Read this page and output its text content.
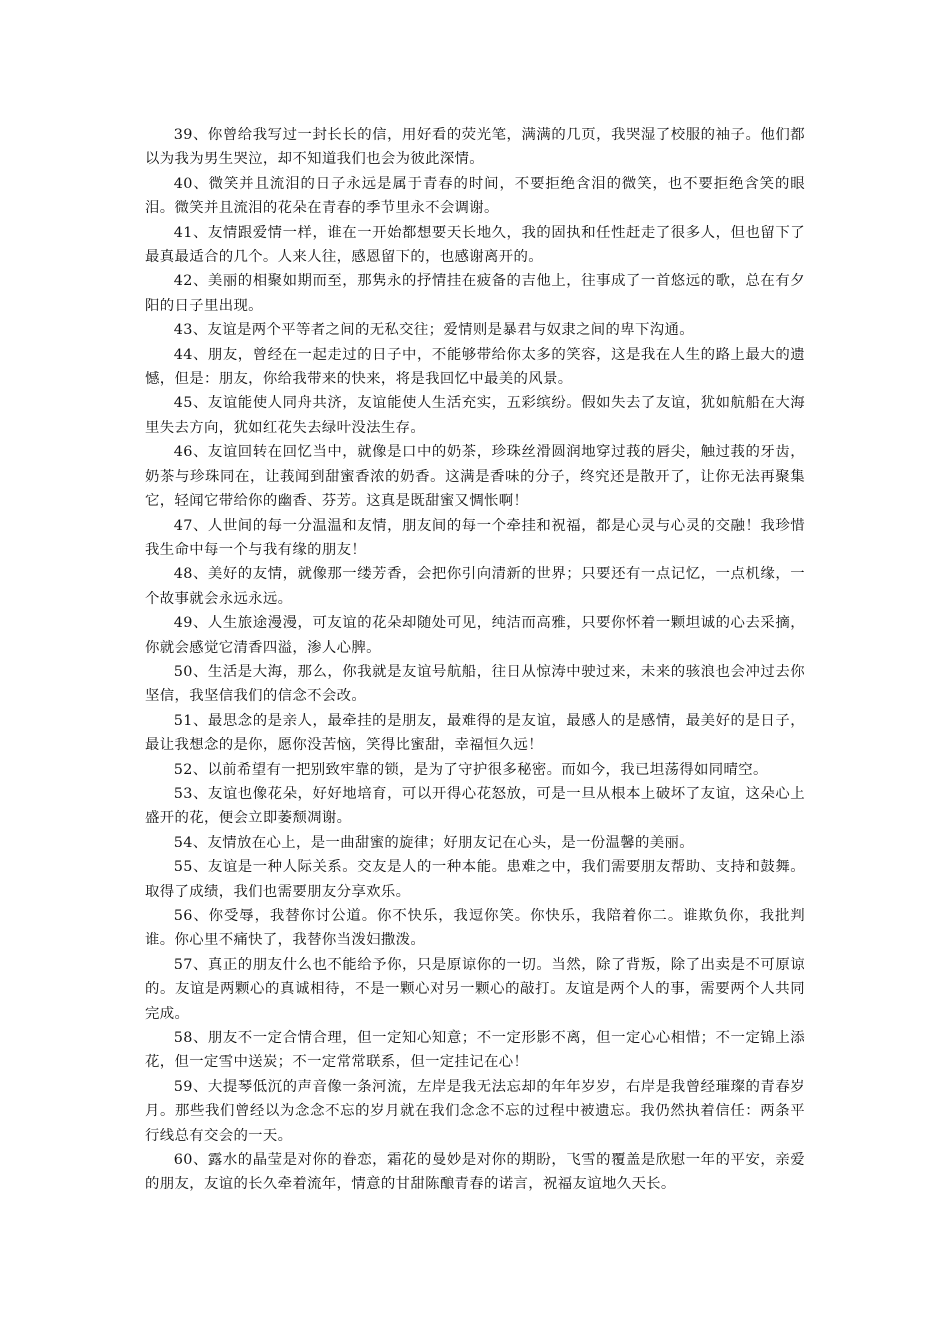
39、你曾给我写过一封长长的信，用好看的荧光笔，满满的几页，我哭湿了校服的袖子。他们都以为我为男生哭泣，却不知道我们也会为彼此深情。

40、微笑并且流泪的日子永远是属于青春的时间，不要拒绝含泪的微笑，也不要拒绝含笑的眼泪。微笑并且流泪的花朵在青春的季节里永不会调谢。

41、友情跟爱情一样，谁在一开始都想要天长地久，我的固执和任性赶走了很多人，但也留下了最真最适合的几个。人来人往，感恩留下的，也感谢离开的。

42、美丽的相聚如期而至，那隽永的抒情挂在疲备的吉他上，往事成了一首悠远的歌，总在有夕阳的日子里出现。

43、友谊是两个平等者之间的无私交往；爱情则是暴君与奴隶之间的卑下沟通。

44、朋友，曾经在一起走过的日子中，不能够带给你太多的笑容，这是我在人生的路上最大的遗憾，但是：朋友，你给我带来的快来，将是我回忆中最美的风景。

45、友谊能使人同舟共济，友谊能使人生活充实，五彩缤纷。假如失去了友谊，犹如航船在大海里失去方向，犹如红花失去绿叶没法生存。

46、友谊回转在回忆当中，就像是口中的奶茶，珍珠丝滑圆润地穿过莪的唇尖，触过莪的牙齿，奶茶与珍珠同在，让莪闻到甜蜜香浓的奶香。这满是香味的分子，终究还是散开了，让你无法再聚集它，轻闻它带给你的幽香、芬芳。这真是既甜蜜又惆怅啊！

47、人世间的每一分温温和友情，朋友间的每一个牵挂和祝福，都是心灵与心灵的交融！我珍惜我生命中每一个与我有缘的朋友！

48、美好的友情，就像那一缕芳香，会把你引向清新的世界；只要还有一点记忆，一点机缘，一个故事就会永远永远。

49、人生旅途漫漫，可友谊的花朵却随处可见，纯洁而高雅，只要你怀着一颗坦诚的心去采摘，你就会感觉它清香四溢，渗人心脾。

50、生活是大海，那么，你我就是友谊号航船，往日从惊涛中驶过来，未来的骇浪也会冲过去你坚信，我坚信我们的信念不会改。

51、最思念的是亲人，最牵挂的是朋友，最难得的是友谊，最感人的是感情，最美好的是日子，最让我想念的是你，愿你没苦恼，笑得比蜜甜，幸福恒久远！

52、以前希望有一把别致牢靠的锁，是为了守护很多秘密。而如今，我已坦荡得如同晴空。

53、友谊也像花朵，好好地培育，可以开得心花怒放，可是一旦从根本上破坏了友谊，这朵心上盛开的花，便会立即萎颓凋谢。

54、友情放在心上，是一曲甜蜜的旋律；好朋友记在心头，是一份温馨的美丽。

55、友谊是一种人际关系。交友是人的一种本能。患难之中，我们需要朋友帮助、支持和鼓舞。取得了成绩，我们也需要朋友分享欢乐。

56、你受辱，我替你讨公道。你不快乐，我逗你笑。你快乐，我陪着你二。谁欺负你，我批判谁。你心里不痛快了，我替你当泼妇撒泼。

57、真正的朋友什么也不能给予你，只是原谅你的一切。当然，除了背叛，除了出卖是不可原谅的。友谊是两颗心的真诚相待，不是一颗心对另一颗心的敲打。友谊是两个人的事，需要两个人共同完成。

58、朋友不一定合情合理，但一定知心知意；不一定形影不离，但一定心心相惜；不一定锦上添花，但一定雪中送炭；不一定常常联系，但一定挂记在心！

59、大提琴低沉的声音像一条河流，左岸是我无法忘却的年年岁岁，右岸是我曾经璀璨的青春岁月。那些我们曾经以为念念不忘的岁月就在我们念念不忘的过程中被遗忘。我仍然执着信任：两条平行线总有交会的一天。

60、露水的晶莹是对你的眷恋，霜花的曼妙是对你的期盼，飞雪的覆盖是欣慰一年的平安，亲爱的朋友，友谊的长久牵着流年，情意的甘甜陈酿青春的诺言，祝福友谊地久天长。
